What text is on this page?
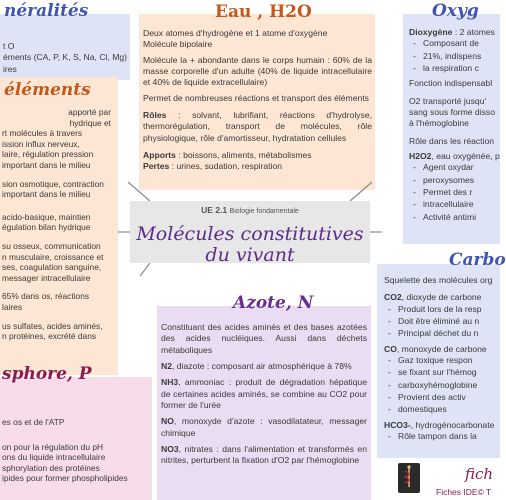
t O
éments (CA, P, K, S, Na, Cl, Mg)
ires
néralités
apporté par
hydrique et
rt molécules à travers
ission influx nerveux,
laire, régulation pression
important dans le milieu
sion osmotique, contraction
important dans le milieu
acido-basique, maintien
égulation bilan hydrique
su osseux, communication
n musculaire, croissance et
ses, coagulation sanguine,
messager intracellulaire
65% dans os, réactions
laires
us sulfates, acides aminés,
n protéines, excrété dans
éléments
es os et de l'ATP
on pour la régulation du pH
ons du liquide intracellulaire
sphorylation des protéines
ipides pour former phospholipides
sphore, P
Deux atomes d'hydrogène et 1 atome d'oxygène
Molécule bipolaire
Molécule la + abondante dans le corps humain : 60% de la masse corporelle d'un adulte (40% de liquide intracellulaire et 40% de liquide extracellulaire)
Permet de nombreuses réactions et transport des éléments
Rôles : solvant, lubrifiant, réactions d'hydrolyse, thermorégulation, transport de molécules, rôle physiologique, rôle d'amortisseur, hydratation cellules
Apports : boissons, aliments, métabolismes
Pertes : urines, sudation, respiration
Eau , H2O
UE 2.1 Biologie fondamentale
Molécules constitutives
du vivant
Constituant des acides aminés et des bases azotées des acides nucléiques. Aussi dans déchets métaboliques
N2, diazote : composant air atmosphérique à 78%
NH3, ammoniac : produit de dégradation hépatique de certaines acides aminés, se combine au CO2 pour former de l'urée
NO, monoxyde d'azote : vasodilatateur, messager chimique
NO3, nitrates : dans l'alimentation et transformés en nitrites, perturbent la fixation d'O2 par l'hémoglobine
Azote, N
Dioxygène : 2 atomes
- Composant de
- 21%, indispens
- la respiration c
Fonction indispensabl
O2 transporté jusqu' sang sous forme disso à l'hémoglobine
Rôle dans les réaction
H2O2, eau oxygénée, p
- Agent oxydar
- peroxysomes
- Permet des r
- intracellulaire
- Activité antimi
Oxyg
Squelette des molécules org
CO2, dioxyde de carbone
- Produit lors de la resp
- Doit être éliminé au n
- Principal déchet du n
CO, monoxyde de carbone
- Gaz toxique respon
- se fixant sur l'hémog
- carboxyhémoglobine
- Provient des activ
- domestiques
HCO3-, hydrogénocarbonate
- Rôle tampon dans la
Carbo
fich
Fiches IDE© T
